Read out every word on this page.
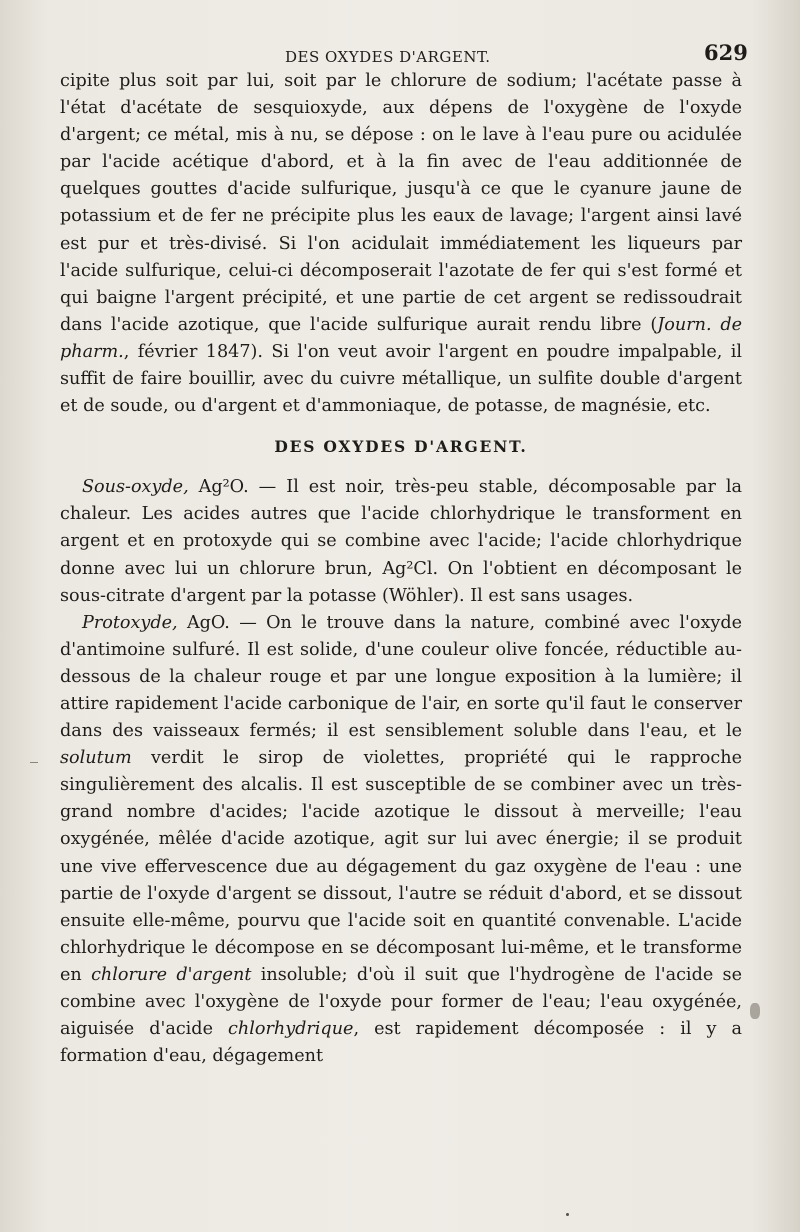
DES OXYDES D'ARGENT.	629

cipite plus soit par lui, soit par le chlorure de sodium; l'acétate passe à l'état d'acétate de sesquioxyde, aux dépens de l'oxygène de l'oxyde d'argent; ce métal, mis à nu, se dépose : on le lave à l'eau pure ou acidulée par l'acide acétique d'abord, et à la fin avec de l'eau additionnée de quelques gouttes d'acide sulfurique, jusqu'à ce que le cyanure jaune de potassium et de fer ne précipite plus les eaux de lavage; l'argent ainsi lavé est pur et très-divisé. Si l'on acidulait immédiatement les liqueurs par l'acide sulfurique, celui-ci décomposerait l'azotate de fer qui s'est formé et qui baigne l'argent précipité, et une partie de cet argent se redissoudrait dans l'acide azotique, que l'acide sulfurique aurait rendu libre (Journ. de pharm., février 1847). Si l'on veut avoir l'argent en poudre impalpable, il suffit de faire bouillir, avec du cuivre métallique, un sulfite double d'argent et de soude, ou d'argent et d'ammoniaque, de potasse, de magnésie, etc.

DES OXYDES D'ARGENT.

Sous-oxyde, Ag²O. — Il est noir, très-peu stable, décomposable par la chaleur. Les acides autres que l'acide chlorhydrique le transforment en argent et en protoxyde qui se combine avec l'acide; l'acide chlorhydrique donne avec lui un chlorure brun, Ag²Cl. On l'obtient en décomposant le sous-citrate d'argent par la potasse (Wöhler). Il est sans usages.

Protoxyde, AgO. — On le trouve dans la nature, combiné avec l'oxyde d'antimoine sulfuré. Il est solide, d'une couleur olive foncée, réductible au-dessous de la chaleur rouge et par une longue exposition à la lumière; il attire rapidement l'acide carbonique de l'air, en sorte qu'il faut le conserver dans des vaisseaux fermés; il est sensiblement soluble dans l'eau, et le solutum verdit le sirop de violettes, propriété qui le rapproche singulièrement des alcalis. Il est susceptible de se combiner avec un très-grand nombre d'acides; l'acide azotique le dissout à merveille; l'eau oxygénée, mêlée d'acide azotique, agit sur lui avec énergie; il se produit une vive effervescence due au dégagement du gaz oxygène de l'eau : une partie de l'oxyde d'argent se dissout, l'autre se réduit d'abord, et se dissout ensuite elle-même, pourvu que l'acide soit en quantité convenable. L'acide chlorhydrique le décompose en se décomposant lui-même, et le transforme en chlorure d'argent insoluble; d'où il suit que l'hydrogène de l'acide se combine avec l'oxygène de l'oxyde pour former de l'eau; l'eau oxygénée, aiguisée d'acide chlorhydrique, est rapidement décomposée : il y a formation d'eau, dégagement
